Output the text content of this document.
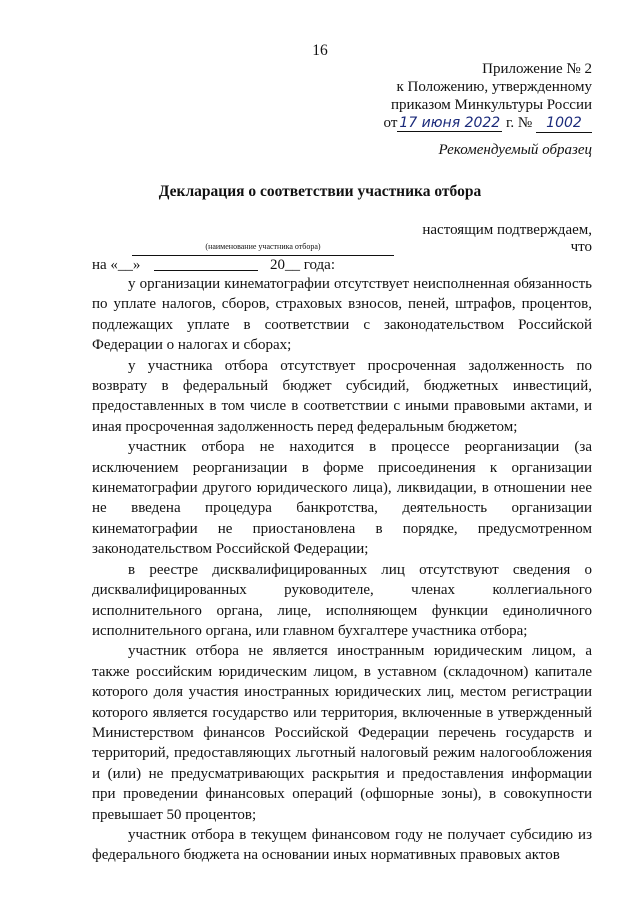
16
Приложение № 2
к Положению, утвержденному
приказом Минкультуры России
от 17 июня 2022 г. № 1002
Рекомендуемый образец
Декларация о соответствии участника отбора
настоящим подтверждаем, что
(наименование участника отбора)
на «__»	20__ года:

у организации кинематографии отсутствует неисполненная обязанность по уплате налогов, сборов, страховых взносов, пеней, штрафов, процентов, подлежащих уплате в соответствии с законодательством Российской Федерации о налогах и сборах;

у участника отбора отсутствует просроченная задолженность по возврату в федеральный бюджет субсидий, бюджетных инвестиций, предоставленных в том числе в соответствии с иными правовыми актами, и иная просроченная задолженность перед федеральным бюджетом;

участник отбора не находится в процессе реорганизации (за исключением реорганизации в форме присоединения к организации кинематографии другого юридического лица), ликвидации, в отношении нее не введена процедура банкротства, деятельность организации кинематографии не приостановлена в порядке, предусмотренном законодательством Российской Федерации;

в реестре дисквалифицированных лиц отсутствуют сведения о дисквалифицированных руководителе, членах коллегиального исполнительного органа, лице, исполняющем функции единоличного исполнительного органа, или главном бухгалтере участника отбора;

участник отбора не является иностранным юридическим лицом, а также российским юридическим лицом, в уставном (складочном) капитале которого доля участия иностранных юридических лиц, местом регистрации которого является государство или территория, включенные в утвержденный Министерством финансов Российской Федерации перечень государств и территорий, предоставляющих льготный налоговый режим налогообложения и (или) не предусматривающих раскрытия и предоставления информации при проведении финансовых операций (офшорные зоны), в совокупности превышает 50 процентов;

участник отбора в текущем финансовом году не получает субсидию из федерального бюджета на основании иных нормативных правовых актов
